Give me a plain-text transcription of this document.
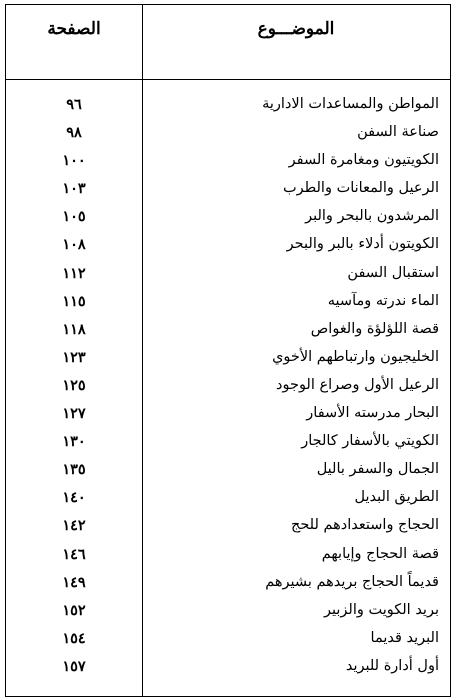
الموضـــوع
الصفحة
المواطن والمساعدات الادارية
٩٦
صناعة السفن
٩٨
الكويتيون ومغامرة السفر
١٠٠
الرعيل والمعانات والطرب
١٠٣
المرشدون بالبحر والبر
١٠٥
الكويتون أدلاء بالبر والبحر
١٠٨
استقبال السفن
١١٢
الماء ندرته ومآسيه
١١٥
قصة اللؤلؤة والغواص
١١٨
الخليجيون وارتباطهم الأخوي
١٢٣
الرعيل الأول وصراع الوجود
١٢٥
البحار مدرسته الأسفار
١٢٧
الكويتي بالأسفار كالجار
١٣٠
الجمال والسفر باليل
١٣٥
الطريق البديل
١٤٠
الحجاج واستعدادهم للحج
١٤٢
قصة الحجاج وإيابهم
١٤٦
قديماً الحجاج بريدهم بشيرهم
١٤٩
بريد الكويت والزبير
١٥٢
البريد قديما
١٥٤
أول أدارة للبريد
١٥٧
